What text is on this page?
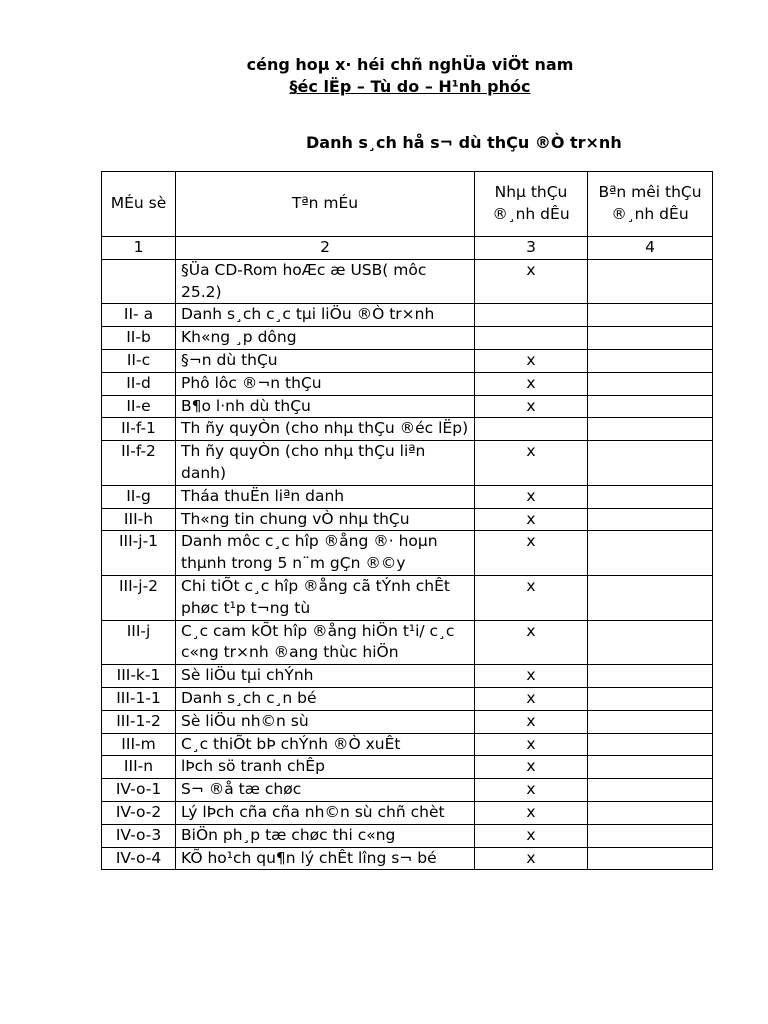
céng hoµ x· héi chñ nghÜa viÖt nam
§éc lËp – Tù do – H¹nh phóc
Danh s¸ch hå s¬ dù thÇu ®Ò tr×nh
MÉu sè	Tªn mÉu	Nhµ thÇu ®¸nh dÊu	Bªn mêi thÇu ®¸nh dÊu
1	2	3	4
	§Üa CD-Rom hoÆc æ USB( môc 25.2)	x	
II- a	Danh s¸ch c¸c tµi liÖu ®Ò tr×nh		
II-b	Kh«ng ¸p dông		
II-c	§¬n dù thÇu	x	
II-d	Phô lôc ®¬n thÇu	x	
II-e	B¶o l·nh dù thÇu	x	
II-f-1	Th ñy quyÒn (cho nhµ thÇu ®éc lËp)		
II-f-2	Th ñy quyÒn (cho nhµ thÇu liªn danh)	x	
II-g	Tháa thuËn liªn danh	x	
III-h	Th«ng tin chung vÒ nhµ thÇu	x	
III-j-1	Danh môc c¸c hîp ®ång ®· hoµn thµnh trong 5 n¨m gÇn ®©y	x	
III-j-2	Chi tiÕt c¸c hîp ®ång cã tÝnh chÊt phøc t¹p t¬ng tù	x	
III-j	C¸c cam kÕt hîp ®ång hiÖn t¹i/ c¸c c«ng tr×nh ®ang thùc hiÖn	x	
III-k-1	Sè liÖu tµi chÝnh	x	
III-1-1	Danh s¸ch c¸n bé	x	
III-1-2	Sè liÖu nh©n sù	x	
III-m	C¸c thiÕt bÞ chÝnh ®Ò xuÊt	x	
III-n	lÞch sö tranh chÊp	x	
IV-o-1	S¬ ®å tæ chøc	x	
IV-o-2	Lý lÞch cña cña nh©n sù chñ chèt	x	
IV-o-3	BiÖn ph¸p tæ chøc thi c«ng	x	
IV-o-4	KÕ ho¹ch qu¶n lý chÊt lîng s¬ bé	x	
